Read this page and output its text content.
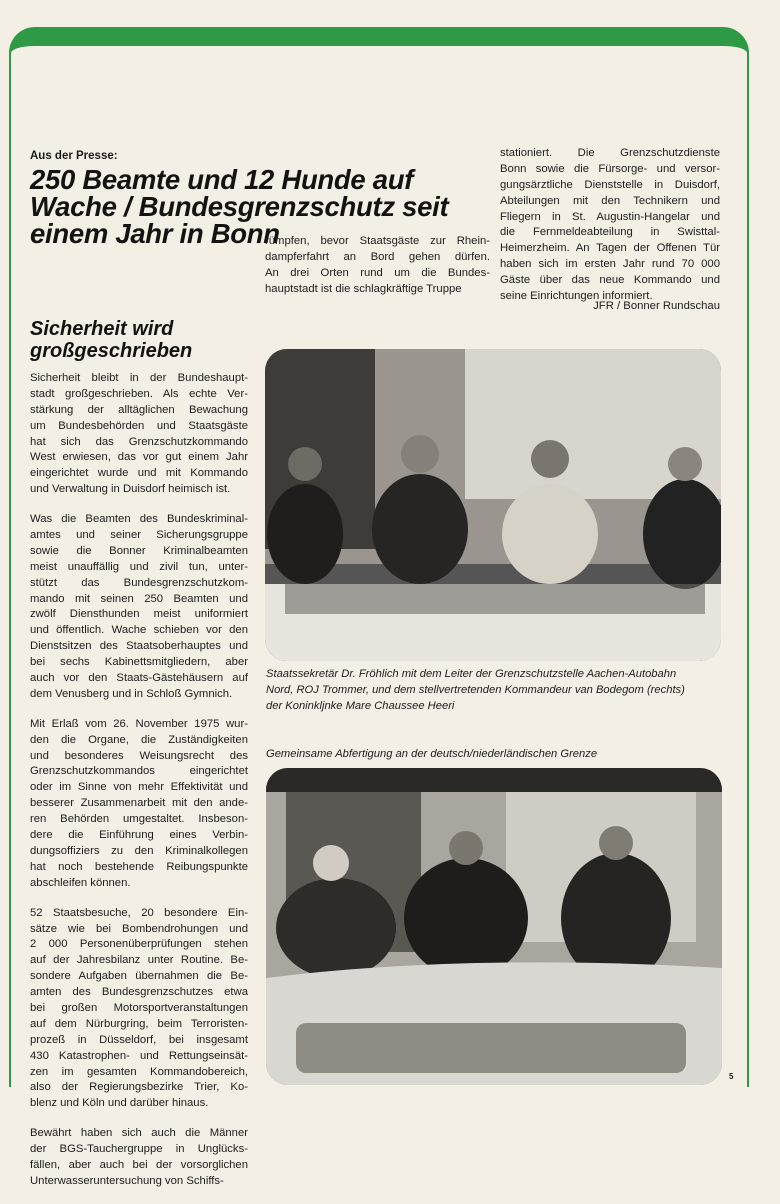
Aus der Presse:
250 Beamte und 12 Hunde auf
Wache / Bundesgrenzschutz seit
einem Jahr in Bonn
Sicherheit wird
großgeschrieben
Sicherheit bleibt in der Bundeshaupt-
stadt großgeschrieben. Als echte Ver-
stärkung der alltäglichen Bewachung
um Bundesbehörden und Staatsgäste
hat sich das Grenzschutzkommando
West erwiesen, das vor gut einem Jahr
eingerichtet wurde und mit Kommando
und Verwaltung in Duisdorf heimisch ist.
Was die Beamten des Bundeskriminal-
amtes und seiner Sicherungsgruppe
sowie die Bonner Kriminalbeamten
meist unauffällig und zivil tun, unter-
stützt das Bundesgrenzschutzkom-
mando mit seinen 250 Beamten und
zwölf Diensthunden meist uniformiert
und öffentlich. Wache schieben vor den
Dienstsitzen des Staatsoberhauptes und
bei sechs Kabinettsmitgliedern, aber
auch vor den Staats-Gästehäusern auf
dem Venusberg und in Schloß Gymnich.
Mit Erlaß vom 26. November 1975 wur-
den die Organe, die Zuständigkeiten
und besonderes Weisungsrecht des
Grenzschutzkommandos eingerichtet
oder im Sinne von mehr Effektivität und
besserer Zusammenarbeit mit den ande-
ren Behörden umgestaltet. Insbeson-
dere die Einführung eines Verbin-
dungsoffiziers zu den Kriminalkollegen
hat noch bestehende Reibungspunkte
abschleifen können.
52 Staatsbesuche, 20 besondere Ein-
sätze wie bei Bombendrohungen und
2 000 Personenüberprüfungen stehen
auf der Jahresbilanz unter Routine. Be-
sondere Aufgaben übernahmen die Be-
amten des Bundesgrenzschutzes etwa
bei großen Motorsportveranstaltungen
auf dem Nürburgring, beim Terroristen-
prozeß in Düsseldorf, bei insgesamt
430 Katastrophen- und Rettungseinsät-
zen im gesamten Kommandobereich,
also der Regierungsbezirke Trier, Ko-
blenz und Köln und darüber hinaus.
Bewährt haben sich auch die Männer
der BGS-Tauchergruppe in Unglücks-
fällen, aber auch bei der vorsorglichen
Unterwasseruntersuchung von Schiffs-
rümpfen, bevor Staatsgäste zur Rhein-
dampferfahrt an Bord gehen dürfen.
An drei Orten rund um die Bundes-
hauptstadt ist die schlagkräftige Truppe
stationiert. Die Grenzschutzdienste
Bonn sowie die Fürsorge- und versor-
gungsärztliche Dienststelle in Duisdorf,
Abteilungen mit den Technikern und
Fliegern in St. Augustin-Hangelar und
die Fernmeldeabteilung in Swisttal-
Heimerzheim. An Tagen der Offenen Tür
haben sich im ersten Jahr rund 70 000
Gäste über das neue Kommando und
seine Einrichtungen informiert.
JFR / Bonner Rundschau
Staatssekretär Dr. Fröhlich mit dem Leiter der Grenzschutzstelle Aachen-Autobahn
Nord, ROJ Trommer, und dem stellvertretenden Kommandeur van Bodegom (rechts)
der Koninkljnke Mare Chaussee Heeri
Gemeinsame Abfertigung an der deutsch/niederländischen Grenze
5
